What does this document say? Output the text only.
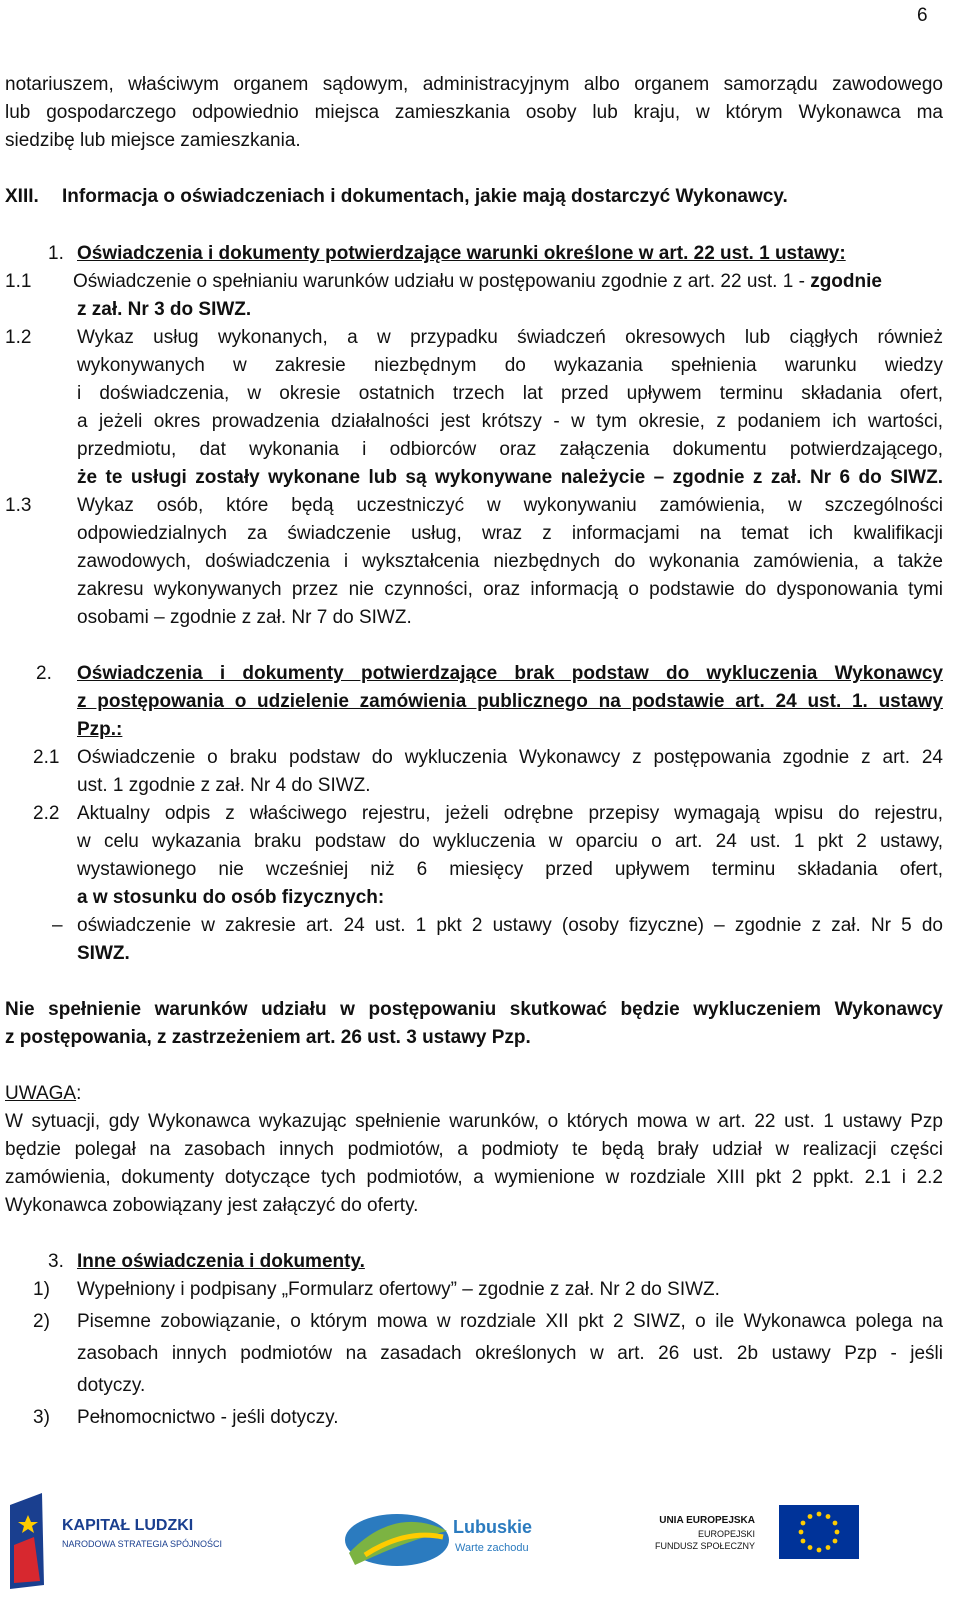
6
notariuszem, właściwym organem sądowym, administracyjnym albo organem samorządu zawodowego
lub gospodarczego odpowiednio miejsca zamieszkania osoby lub kraju, w którym Wykonawca ma
siedzibę lub miejsce zamieszkania.
XIII. Informacja o oświadczeniach i dokumentach, jakie mają dostarczyć Wykonawcy.
1. Oświadczenia i dokumenty potwierdzające warunki określone w art. 22 ust. 1 ustawy:
1.1 Oświadczenie o spełnianiu warunków udziału w postępowaniu zgodnie z art. 22 ust. 1 - zgodnie
z zał. Nr 3 do SIWZ.
1.2 Wykaz usług wykonanych, a w przypadku świadczeń okresowych lub ciągłych również
wykonywanych w zakresie niezbędnym do wykazania spełnienia warunku wiedzy
i doświadczenia, w okresie ostatnich trzech lat przed upływem terminu składania ofert,
a jeżeli okres prowadzenia działalności jest krótszy - w tym okresie, z podaniem ich wartości,
przedmiotu, dat wykonania i odbiorców oraz załączenia dokumentu potwierdzającego,
że te usługi zostały wykonane lub są wykonywane należycie – zgodnie z zał. Nr 6 do SIWZ.
1.3 Wykaz osób, które będą uczestniczyć w wykonywaniu zamówienia, w szczególności
odpowiedzialnych za świadczenie usług, wraz z informacjami na temat ich kwalifikacji
zawodowych, doświadczenia i wykształcenia niezbędnych do wykonania zamówienia, a także
zakresu wykonywanych przez nie czynności, oraz informacją o podstawie do dysponowania tymi
osobami – zgodnie z zał. Nr 7 do SIWZ.
2. Oświadczenia i dokumenty potwierdzające brak podstaw do wykluczenia Wykonawcy
z postępowania o udzielenie zamówienia publicznego na podstawie art. 24 ust. 1. ustawy
Pzp.:
2.1 Oświadczenie o braku podstaw do wykluczenia Wykonawcy z postępowania zgodnie z art. 24
ust. 1 zgodnie z zał. Nr 4 do SIWZ.
2.2 Aktualny odpis z właściwego rejestru, jeżeli odrębne przepisy wymagają wpisu do rejestru,
w celu wykazania braku podstaw do wykluczenia w oparciu o art. 24 ust. 1 pkt 2 ustawy,
wystawionego nie wcześniej niż 6 miesięcy przed upływem terminu składania ofert,
a w stosunku do osób fizycznych:
– oświadczenie w zakresie art. 24 ust. 1 pkt 2 ustawy (osoby fizyczne) – zgodnie z zał. Nr 5 do
SIWZ.
Nie spełnienie warunków udziału w postępowaniu skutkować będzie wykluczeniem Wykonawcy
z postępowania, z zastrzeżeniem art. 26 ust. 3 ustawy Pzp.
UWAGA:
W sytuacji, gdy Wykonawca wykazując spełnienie warunków, o których mowa w art. 22 ust. 1 ustawy Pzp
będzie polegał na zasobach innych podmiotów, a podmioty te będą brały udział w realizacji części
zamówienia, dokumenty dotyczące tych podmiotów, a wymienione w rozdziale XIII pkt 2 ppkt. 2.1 i 2.2
Wykonawca zobowiązany jest załączyć do oferty.
3. Inne oświadczenia i dokumenty.
1) Wypełniony i podpisany „Formularz ofertowy” – zgodnie z zał. Nr 2 do SIWZ.
2) Pisemne zobowiązanie, o którym mowa w rozdziale XII pkt 2 SIWZ, o ile Wykonawca polega na
zasobach innych podmiotów na zasadach określonych w art. 26 ust. 2b ustawy Pzp - jeśli
dotyczy.
3) Pełnomocnictwo - jeśli dotyczy.
KAPITAŁ LUDZKI
NARODOWA STRATEGIA SPÓJNOŚCI
Lubuskie
Warte zachodu
UNIA EUROPEJSKA
EUROPEJSKI
FUNDUSZ SPOŁECZNY
